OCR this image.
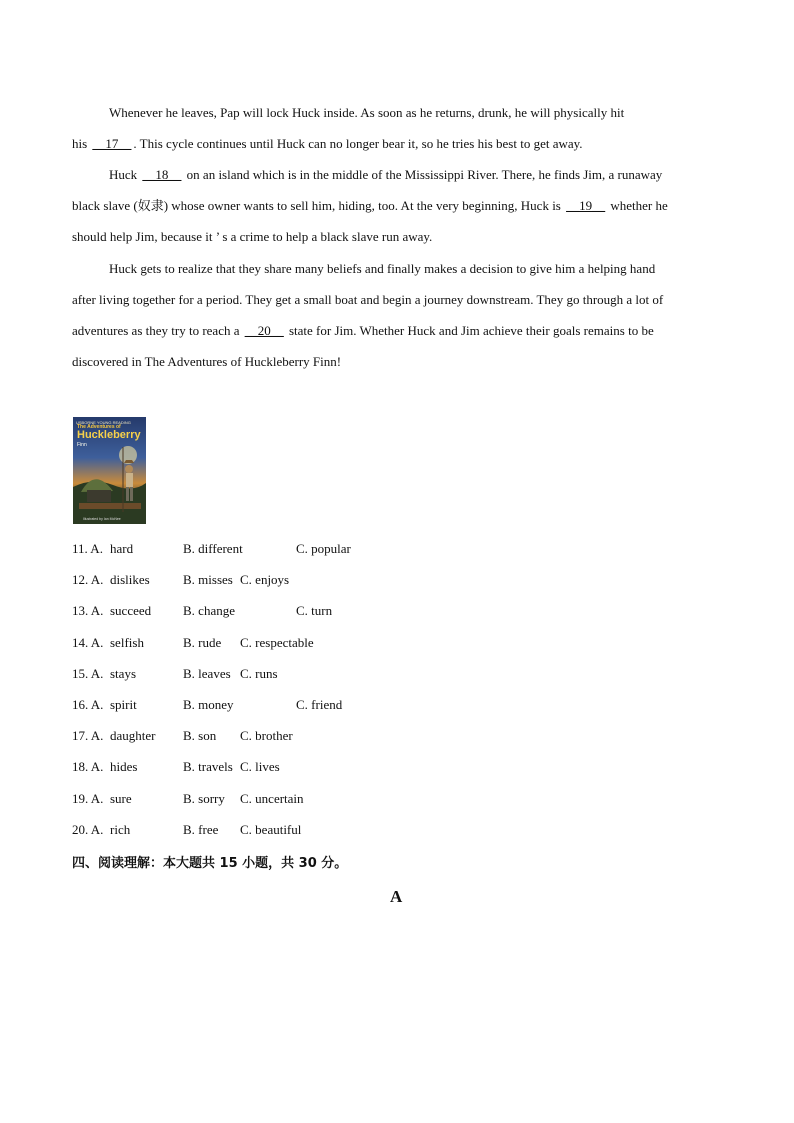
Whenever he leaves, Pap will lock Huck inside. As soon as he returns, drunk, he will physically hit
his __17__ . This cycle continues until Huck can no longer bear it, so he tries his best to get away.

Huck __18__ on an island which is in the middle of the Mississippi River. There, he finds Jim, a runaway
black slave (奴隶) whose owner wants to sell him, hiding, too. At the very beginning, Huck is __19__ whether he
should help Jim, because it ’ s a crime to help a black slave run away.

Huck gets to realize that they share many beliefs and finally makes a decision to give him a helping hand
after living together for a period. They get a small boat and begin a journey downstream. They go through a lot of
adventures as they try to reach a __20__ state for Jim. Whether Huck and Jim achieve their goals remains to be
discovered in The Adventures of Huckleberry Finn!

USBORNE YOUNG READING
The Adventures of
Huckleberry
Finn
Illustrated by Ian McNee
11. A. hard	B. different	C. popular
12. A. dislikes	B. misses C. enjoys
13. A. succeed B. change	C. turn
14. A. selfish	B. rude C. respectable
15. A. stays	B. leaves C. runs
16. A. spirit	B. money	C. friend
17. A. daughter B. son C. brother
18. A. hides	B. travels C. lives
19. A. sure	B. sorry C. uncertain
20. A. rich	B. free C. beautiful
四、阅读理解：本大题共 15 小题，共 30 分。
A
